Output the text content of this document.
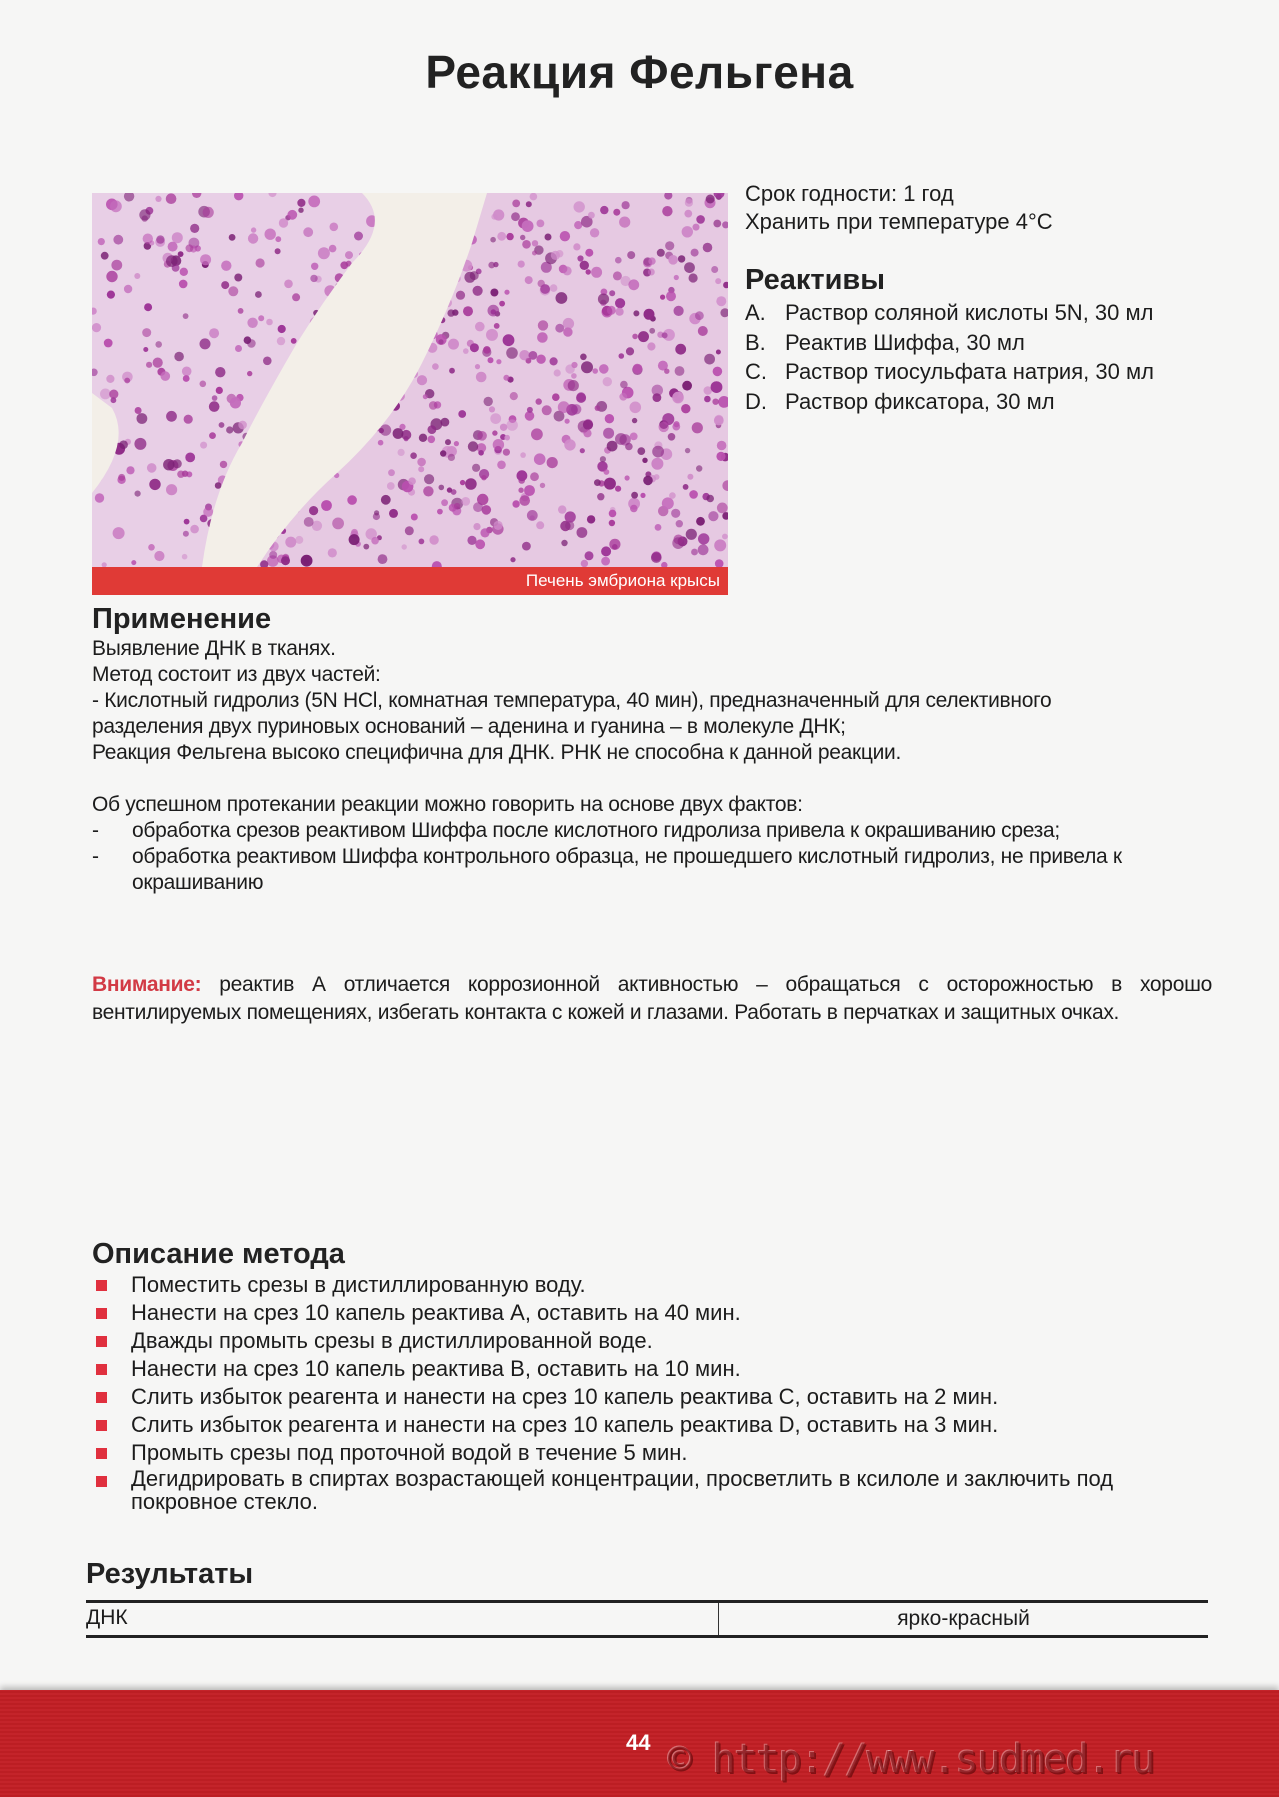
Реакция Фельгена
Печень эмбриона крысы
Срок годности: 1 год
Хранить при температуре 4°C
Реактивы
A. Раствор соляной кислоты 5N, 30 мл
B. Реактив Шиффа, 30 мл
C. Раствор тиосульфата натрия, 30 мл
D. Раствор фиксатора, 30 мл
Применение
Выявление ДНК в тканях.
Метод состоит из двух частей:
- Кислотный гидролиз (5N HCl, комнатная температура, 40 мин), предназначенный для селективного
разделения двух пуриновых оснований – аденина и гуанина – в молекуле ДНК;
Реакция Фельгена высоко специфична для ДНК. РНК не способна к данной реакции.
Об успешном протекании реакции можно говорить на основе двух фактов:
-	обработка срезов реактивом Шиффа после кислотного гидролиза привела к окрашиванию среза;
-	обработка реактивом Шиффа контрольного образца, не прошедшего кислотный гидролиз, не привела к окрашиванию
Внимание: реактив А отличается коррозионной активностью – обращаться с осторожностью в хорошо вентилируемых помещениях, избегать контакта с кожей и глазами. Работать в перчатках и защитных очках.
Описание метода
Поместить срезы в дистиллированную воду.
Нанести на срез 10 капель реактива А, оставить на 40 мин.
Дважды промыть срезы в дистиллированной воде.
Нанести на срез 10 капель реактива В, оставить на 10 мин.
Слить избыток реагента и нанести на срез 10 капель реактива С, оставить на 2 мин.
Слить избыток реагента и нанести на срез 10 капель реактива D, оставить на 3 мин.
Промыть срезы под проточной водой в течение 5 мин.
Дегидрировать в спиртах возрастающей концентрации, просветлить в ксилоле и заключить под покровное стекло.
Результаты
ДНК	ярко-красный
44 © http://www.sudmed.ru
